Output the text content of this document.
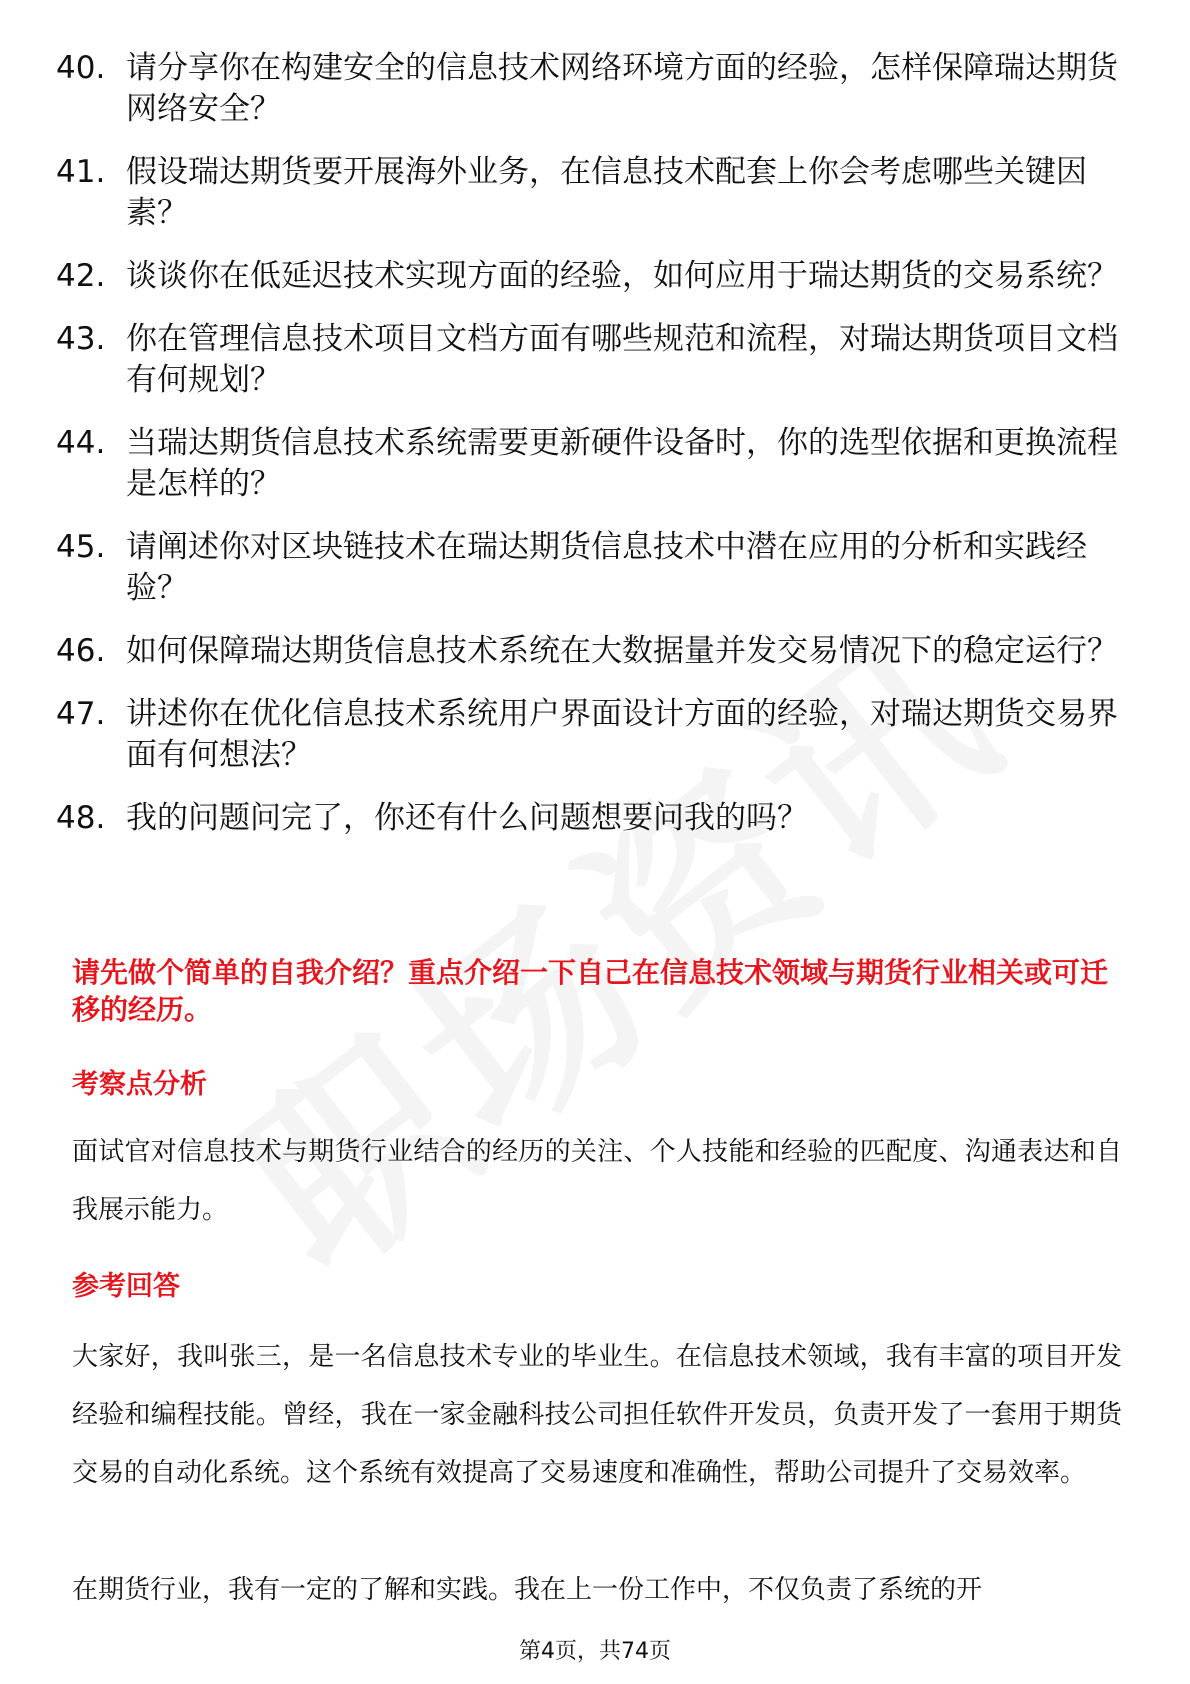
40. 请分享你在构建安全的信息技术网络环境方面的经验，怎样保障瑞达期货网络安全？
41. 假设瑞达期货要开展海外业务，在信息技术配套上你会考虑哪些关键因素？
42. 谈谈你在低延迟技术实现方面的经验，如何应用于瑞达期货的交易系统？
43. 你在管理信息技术项目文档方面有哪些规范和流程，对瑞达期货项目文档有何规划？
44. 当瑞达期货信息技术系统需要更新硬件设备时，你的选型依据和更换流程是怎样的？
45. 请阐述你对区块链技术在瑞达期货信息技术中潜在应用的分析和实践经验？
46. 如何保障瑞达期货信息技术系统在大数据量并发交易情况下的稳定运行？
47. 讲述你在优化信息技术系统用户界面设计方面的经验，对瑞达期货交易界面有何想法？
48. 我的问题问完了，你还有什么问题想要问我的吗？
请先做个简单的自我介绍？重点介绍一下自己在信息技术领域与期货行业相关或可迁移的经历。
考察点分析
面试官对信息技术与期货行业结合的经历的关注、个人技能和经验的匹配度、沟通表达和自我展示能力。
参考回答
大家好，我叫张三，是一名信息技术专业的毕业生。在信息技术领域，我有丰富的项目开发经验和编程技能。曾经，我在一家金融科技公司担任软件开发员，负责开发了一套用于期货交易的自动化系统。这个系统有效提高了交易速度和准确性，帮助公司提升了交易效率。
在期货行业，我有一定的了解和实践。我在上一份工作中，不仅负责了系统的开
第4页，共74页
